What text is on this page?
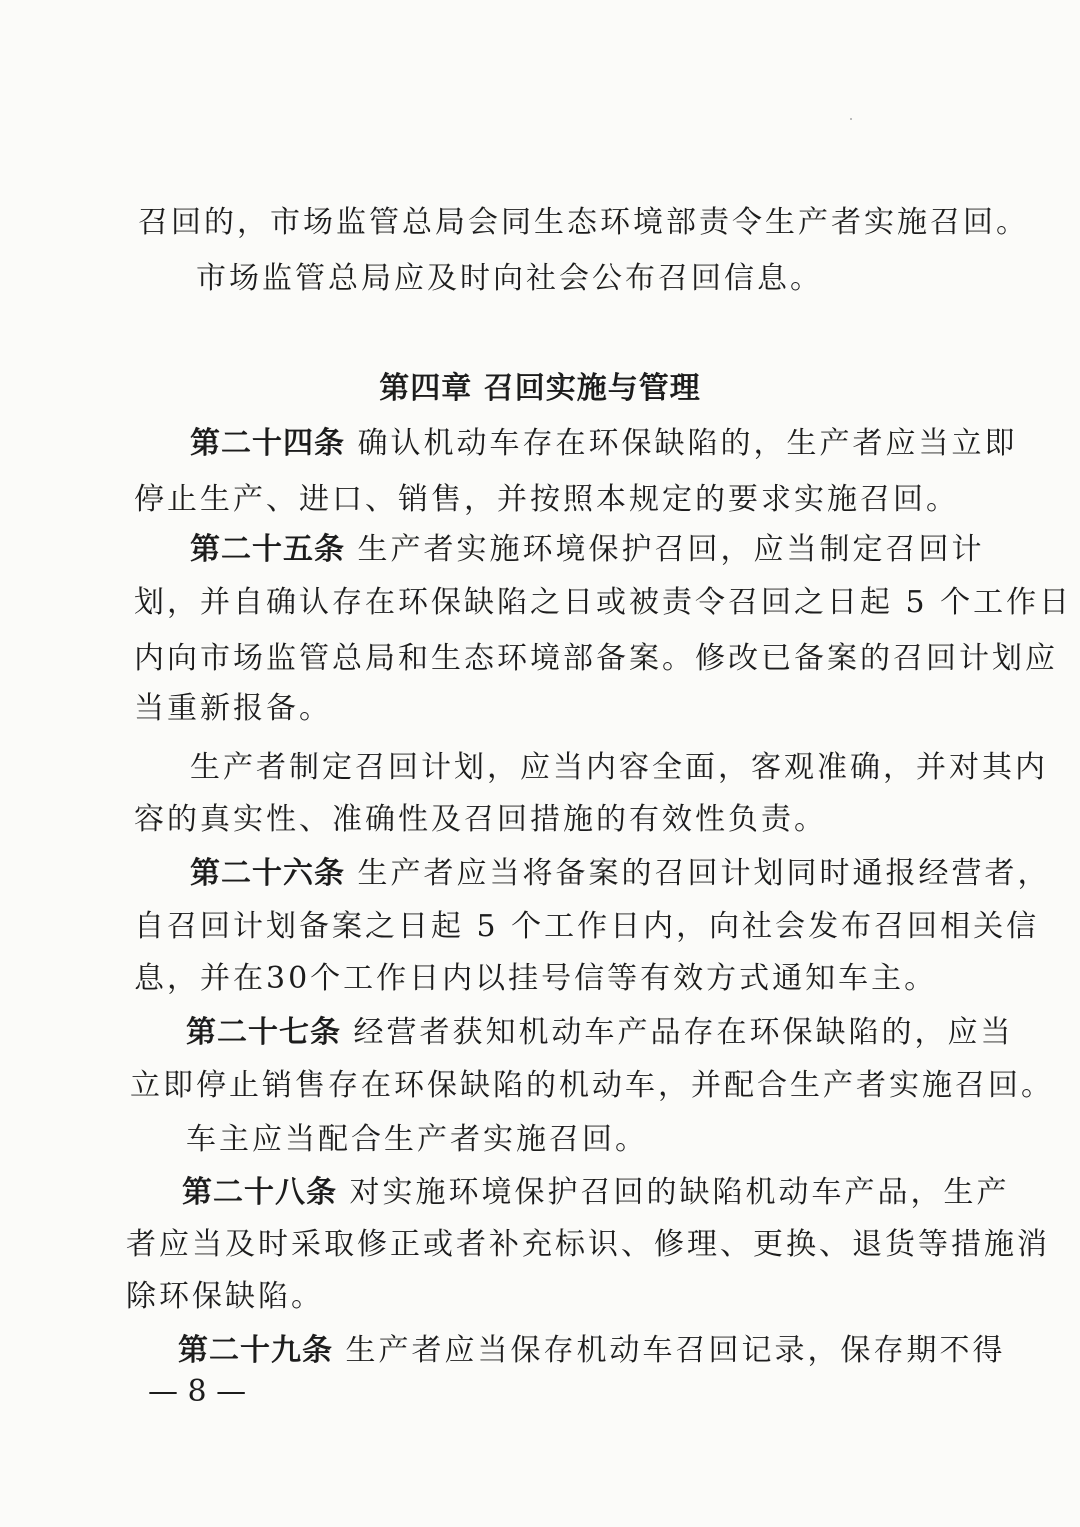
召回的，市场监管总局会同生态环境部责令生产者实施召回。
市场监管总局应及时向社会公布召回信息。
第四章 召回实施与管理
第二十四条 确认机动车存在环保缺陷的，生产者应当立即
停止生产、进口、销售，并按照本规定的要求实施召回。
第二十五条 生产者实施环境保护召回，应当制定召回计
划，并自确认存在环保缺陷之日或被责令召回之日起 5 个工作日
内向市场监管总局和生态环境部备案。修改已备案的召回计划应
当重新报备。
生产者制定召回计划，应当内容全面，客观准确，并对其内
容的真实性、准确性及召回措施的有效性负责。
第二十六条 生产者应当将备案的召回计划同时通报经营者，
自召回计划备案之日起 5 个工作日内，向社会发布召回相关信
息，并在30个工作日内以挂号信等有效方式通知车主。
第二十七条 经营者获知机动车产品存在环保缺陷的，应当
立即停止销售存在环保缺陷的机动车，并配合生产者实施召回。
车主应当配合生产者实施召回。
第二十八条 对实施环境保护召回的缺陷机动车产品，生产
者应当及时采取修正或者补充标识、修理、更换、退货等措施消
除环保缺陷。
第二十九条 生产者应当保存机动车召回记录，保存期不得
— 8 —
